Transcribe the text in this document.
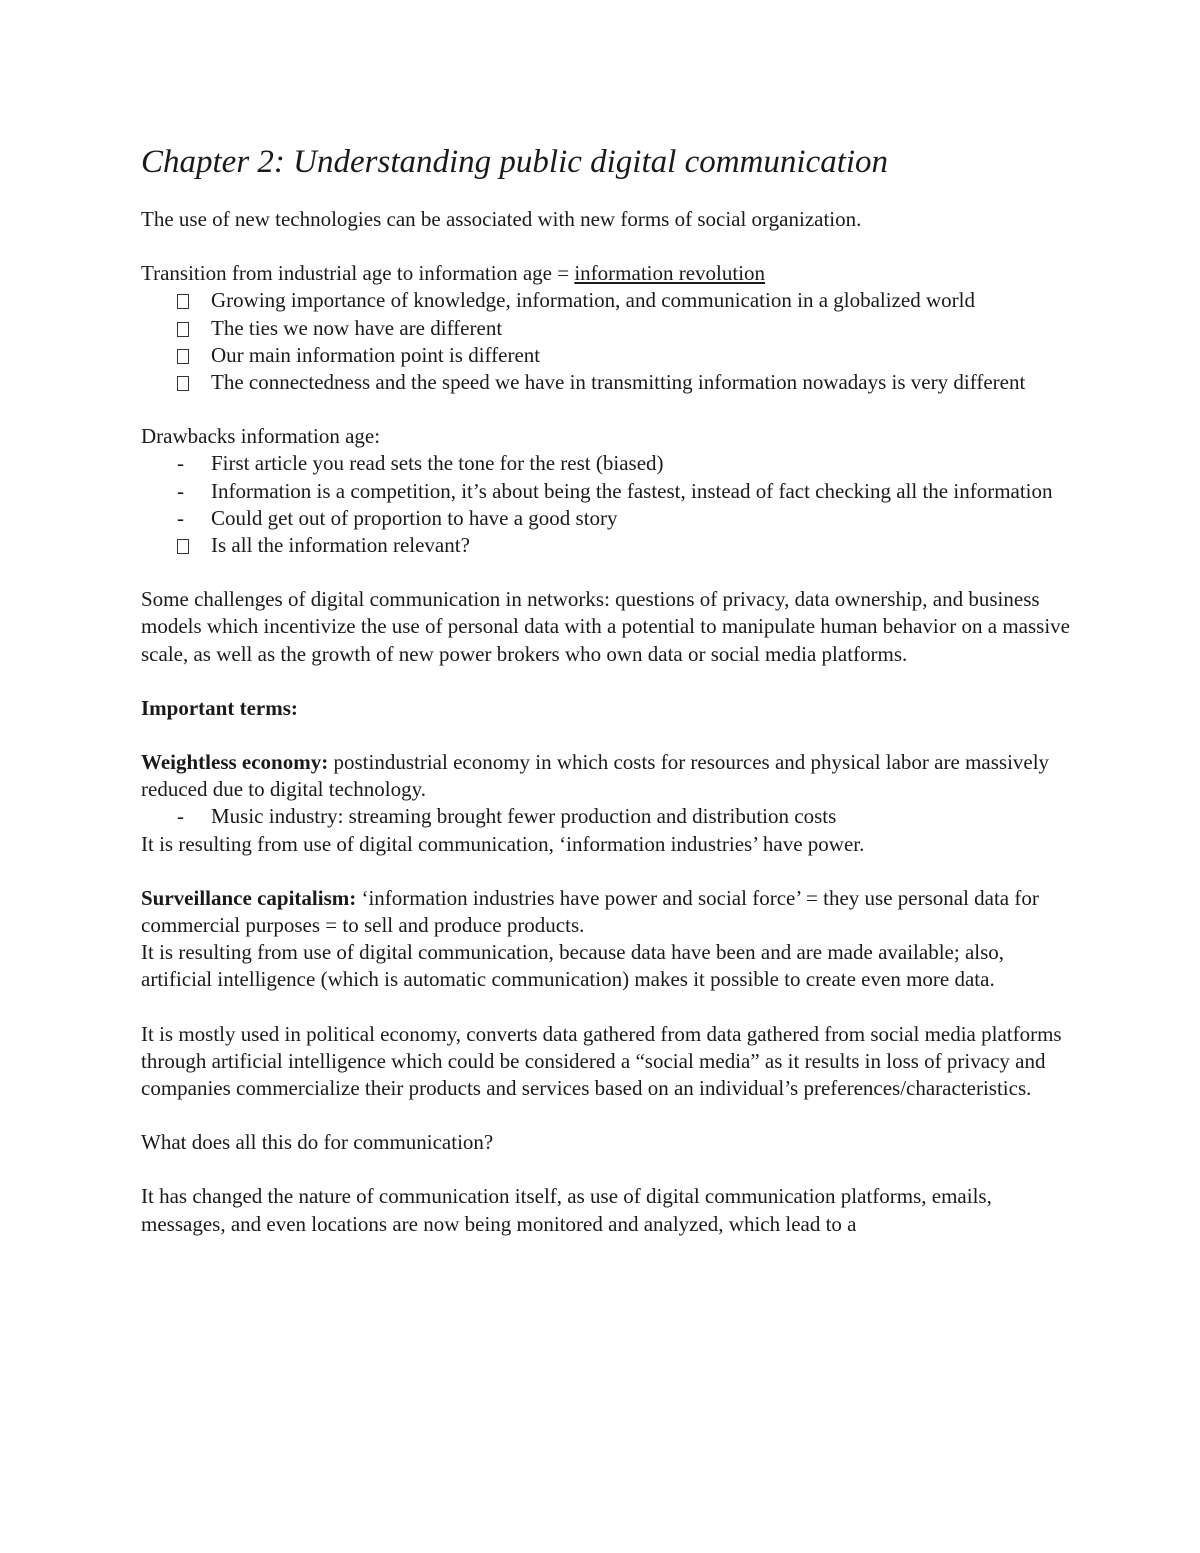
Chapter 2: Understanding public digital communication

The use of new technologies can be associated with new forms of social organization.

Transition from industrial age to information age = information revolution

Growing importance of knowledge, information, and communication in a globalized world
The ties we now have are different
Our main information point is different
The connectedness and the speed we have in transmitting information nowadays is very different

Drawbacks information age:

-	First article you read sets the tone for the rest (biased)
-	Information is a competition, it’s about being the fastest, instead of fact checking all the information
-	Could get out of proportion to have a good story
Is all the information relevant?

Some challenges of digital communication in networks: questions of privacy, data ownership, and business models which incentivize the use of personal data with a potential to manipulate human behavior on a massive scale, as well as the growth of new power brokers who own data or social media platforms.

Important terms:

Weightless economy: postindustrial economy in which costs for resources and physical labor are massively reduced due to digital technology.

-	Music industry: streaming brought fewer production and distribution costs

It is resulting from use of digital communication, ‘information industries’ have power.

Surveillance capitalism: ‘information industries have power and social force’ = they use personal data for commercial purposes = to sell and produce products.

It is resulting from use of digital communication, because data have been and are made available; also, artificial intelligence (which is automatic communication) makes it possible to create even more data.

It is mostly used in political economy, converts data gathered from data gathered from social media platforms through artificial intelligence which could be considered a “social media” as it results in loss of privacy and companies commercialize their products and services based on an individual’s preferences/characteristics.

What does all this do for communication?

It has changed the nature of communication itself, as use of digital communication platforms, emails, messages, and even locations are now being monitored and analyzed, which lead to a
